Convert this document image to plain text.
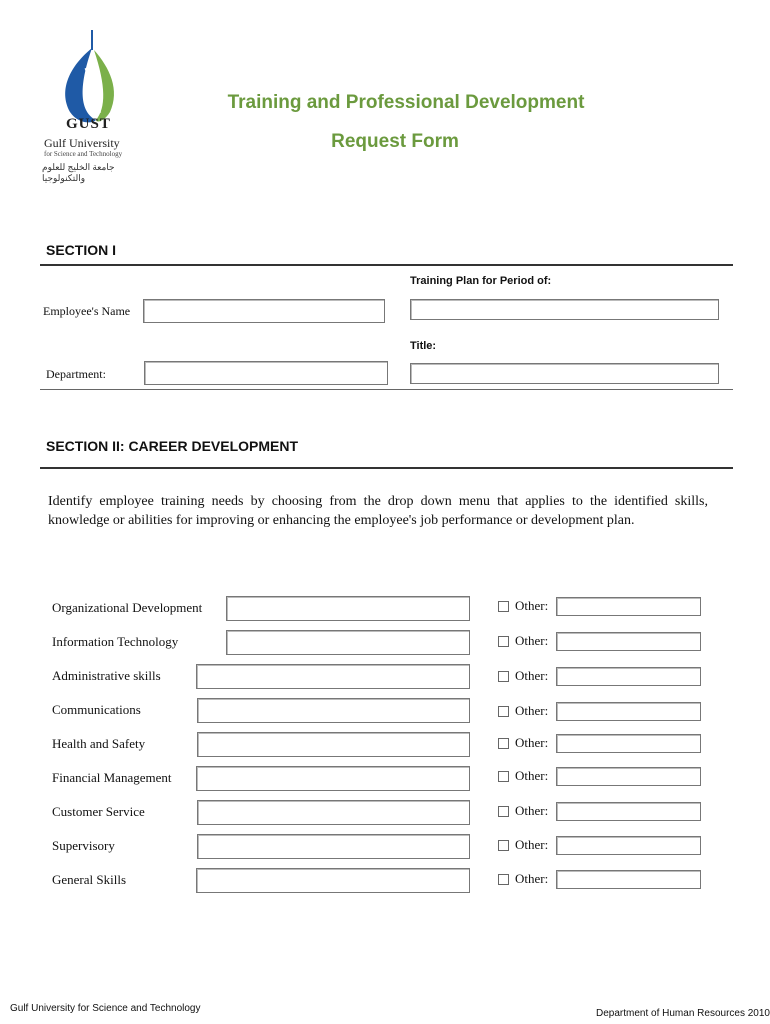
GUST
Gulf University
for Science and Technology
جامعة الخليج للعلوم والتكنولوجيا
Training and Professional Development
Request Form
SECTION I
Training Plan for Period of:
Employee's Name
Title:
Department:
SECTION II: CAREER DEVELOPMENT
Identify employee training needs by choosing from the drop down menu that applies to the identified skills, knowledge or abilities for improving or enhancing the employee's job performance or development plan.
Organizational Development	Other:
Information Technology	Other:
Administrative skills	Other:
Communications	Other:
Health and Safety	Other:
Financial Management	Other:
Customer Service	Other:
Supervisory	Other:
General Skills	Other:
Gulf University for Science and Technology	Department of Human Resources 2010
